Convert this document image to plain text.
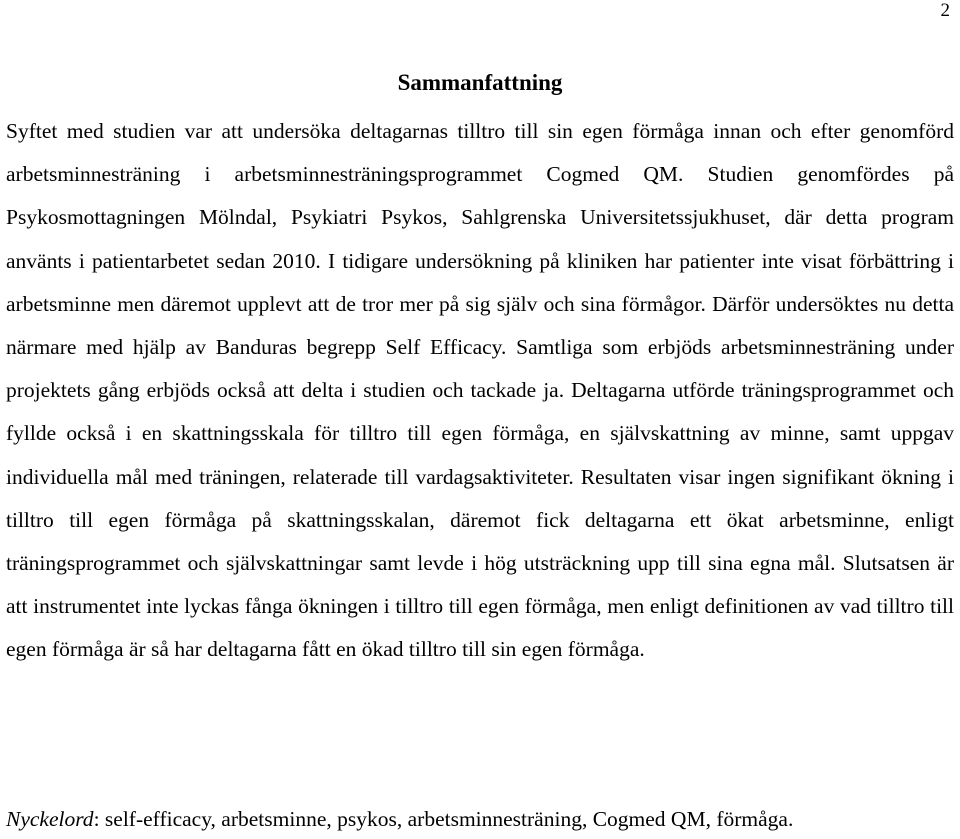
2
Sammanfattning

Syftet med studien var att undersöka deltagarnas tilltro till sin egen förmåga innan och efter genomförd arbetsminnesträning i arbetsminnesträningsprogrammet Cogmed QM. Studien genomfördes på Psykosmottagningen Mölndal, Psykiatri Psykos, Sahlgrenska Universitetssjukhuset, där detta program använts i patientarbetet sedan 2010. I tidigare undersökning på kliniken har patienter inte visat förbättring i arbetsminne men däremot upplevt att de tror mer på sig själv och sina förmågor. Därför undersöktes nu detta närmare med hjälp av Banduras begrepp Self Efficacy. Samtliga som erbjöds arbetsminnesträning under projektets gång erbjöds också att delta i studien och tackade ja. Deltagarna utförde träningsprogrammet och fyllde också i en skattningsskala för tilltro till egen förmåga, en självskattning av minne, samt uppgav individuella mål med träningen, relaterade till vardagsaktiviteter. Resultaten visar ingen signifikant ökning i tilltro till egen förmåga på skattningsskalan, däremot fick deltagarna ett ökat arbetsminne, enligt träningsprogrammet och självskattningar samt levde i hög utsträckning upp till sina egna mål. Slutsatsen är att instrumentet inte lyckas fånga ökningen i tilltro till egen förmåga, men enligt definitionen av vad tilltro till egen förmåga är så har deltagarna fått en ökad tilltro till sin egen förmåga.

Nyckelord: self-efficacy, arbetsminne, psykos, arbetsminnesträning, Cogmed QM, förmåga.
